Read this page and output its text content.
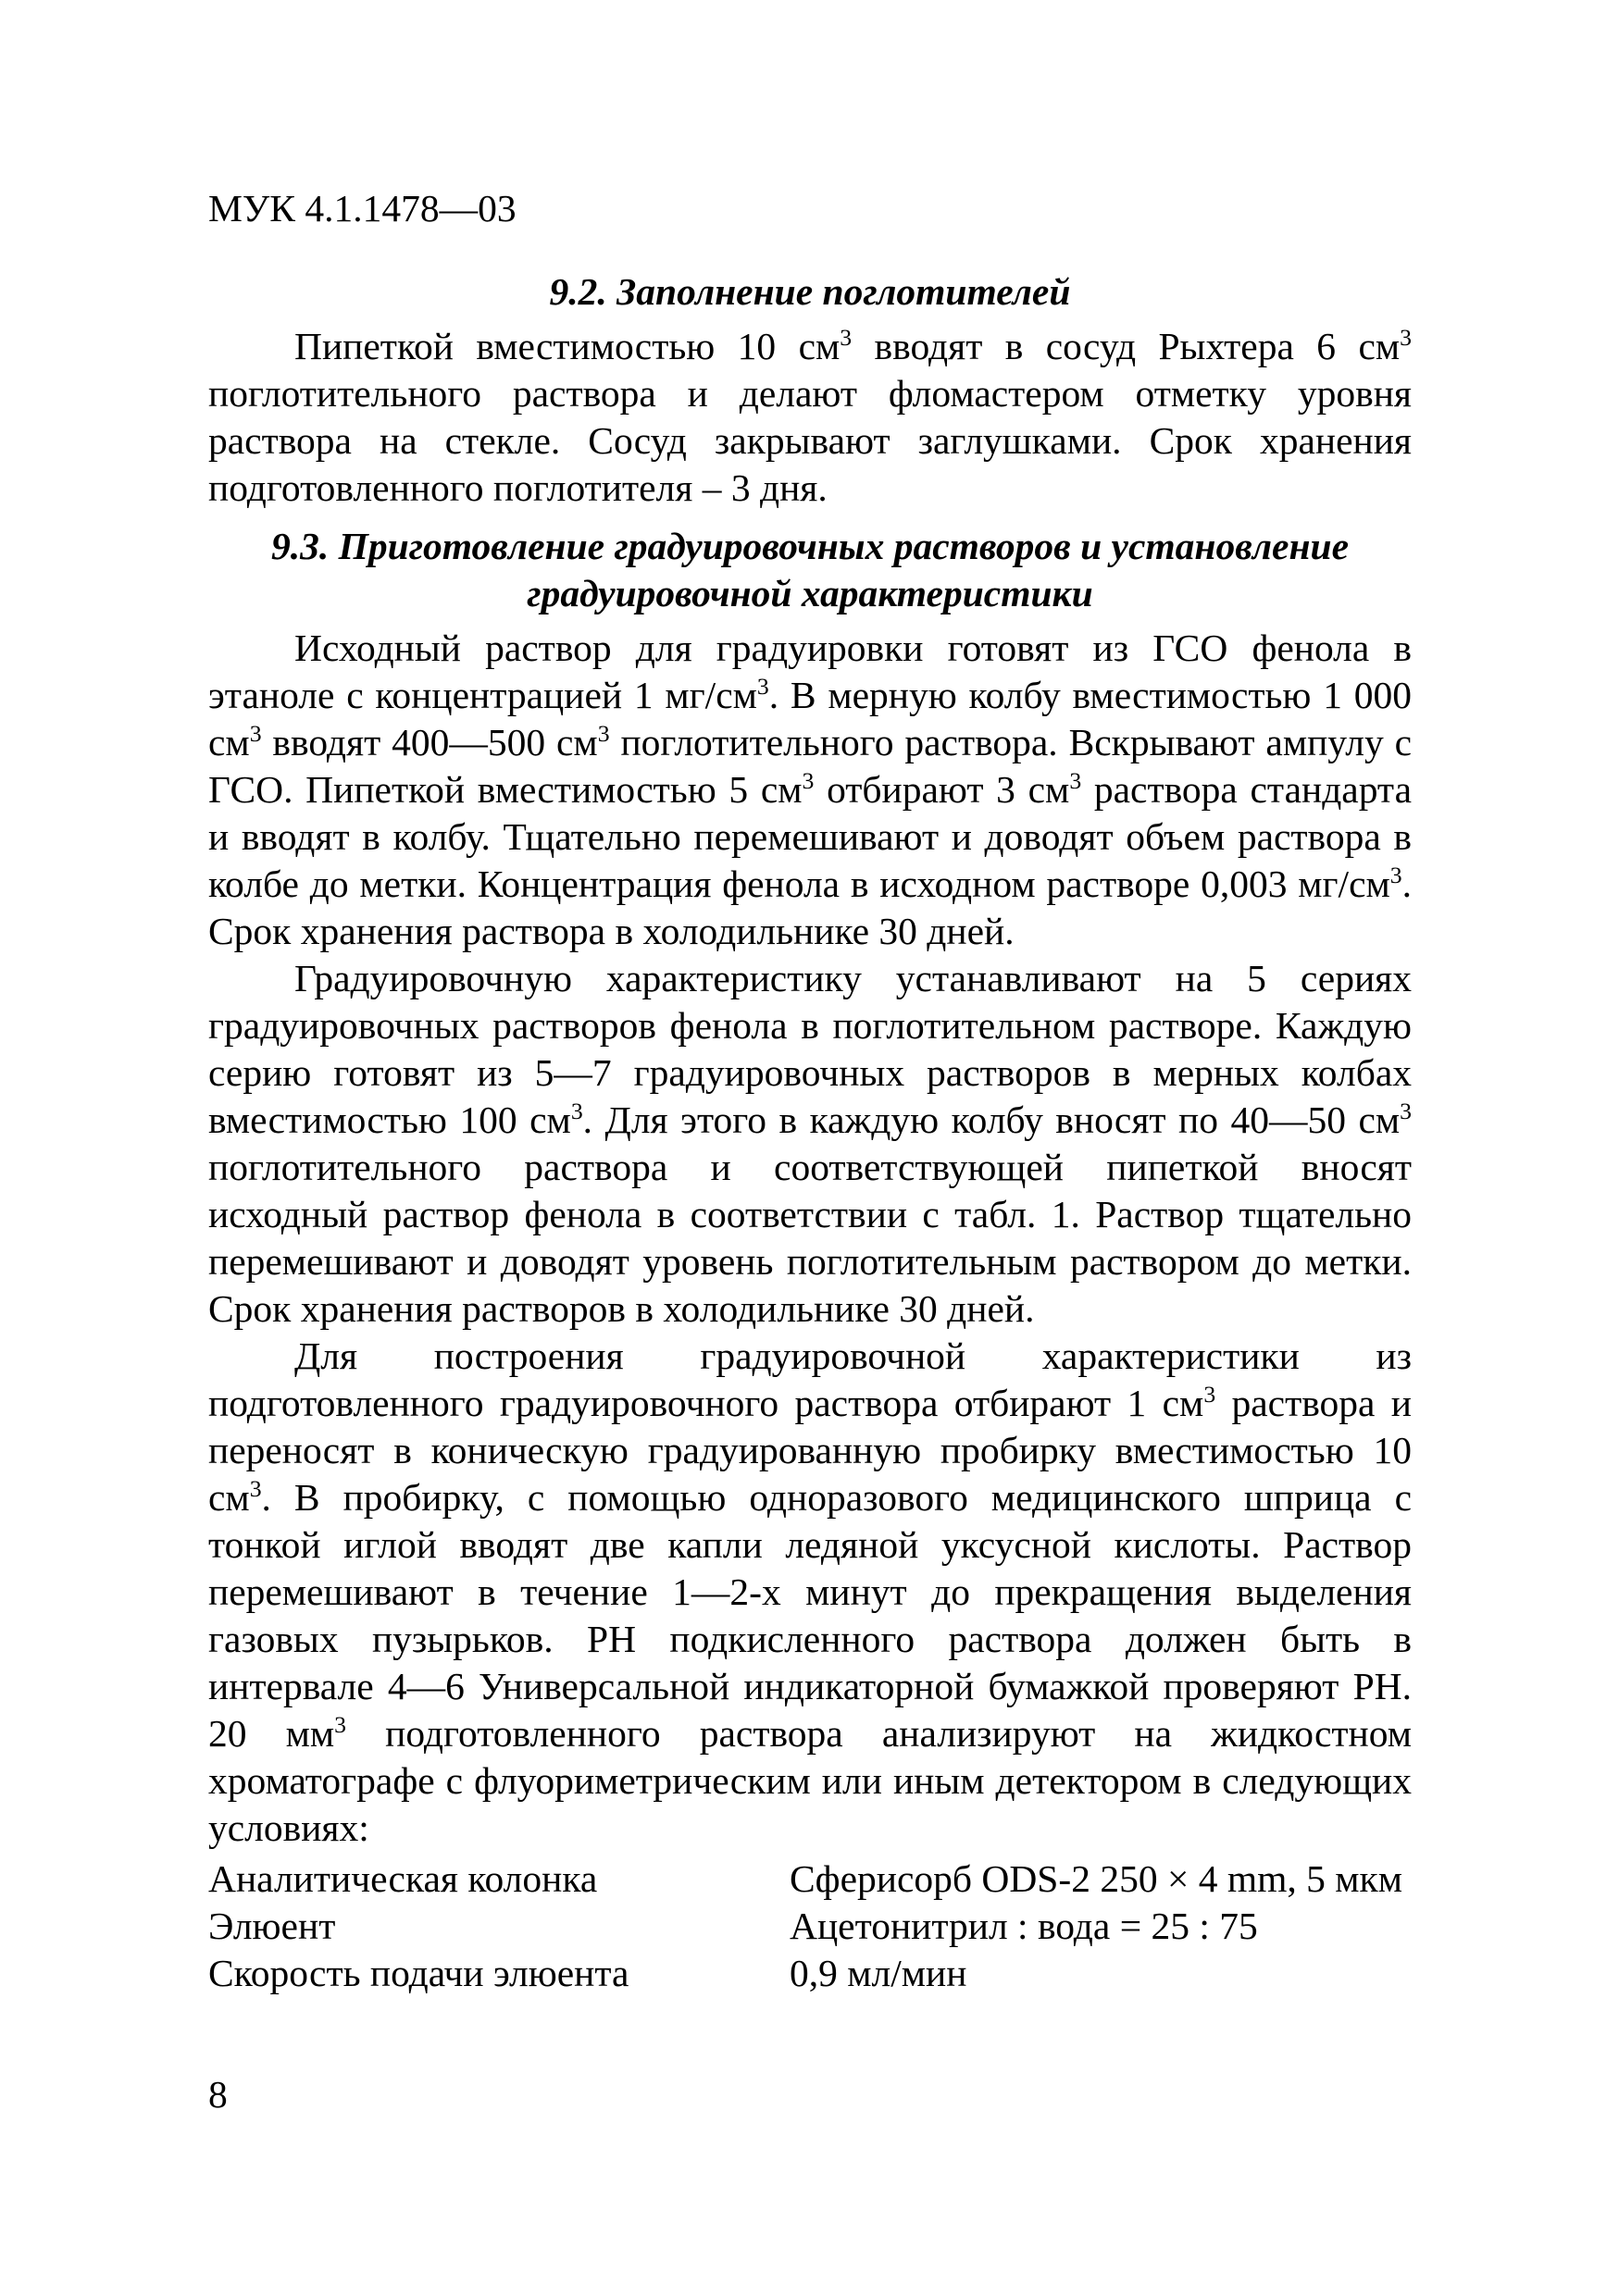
МУК 4.1.1478—03

9.2. Заполнение поглотителей

Пипеткой вместимостью 10 $см^3$ вводят в сосуд Рыхтера 6 $см^3$ поглотительного раствора и делают фломастером отметку уровня раствора на стекле. Сосуд закрывают заглушками. Срок хранения подготовленного поглотителя – 3 дня.

9.3. Приготовление градуировочных растворов и установление
градуировочной характеристики

Исходный раствор для градуировки готовят из ГСО фенола в этаноле с концентрацией 1 $мг/см^3$. В мерную колбу вместимостью 1 000 $см^3$ вводят 400—500 $см^3$ поглотительного раствора. Вскрывают ампулу с ГСО. Пипеткой вместимостью 5 $см^3$ отбирают 3 $см^3$ раствора стандарта и вводят в колбу. Тщательно перемешивают и доводят объем раствора в колбе до метки. Концентрация фенола в исходном растворе 0,003 $мг/см^3$. Срок хранения раствора в холодильнике 30 дней.

Градуировочную характеристику устанавливают на 5 сериях градуировочных растворов фенола в поглотительном растворе. Каждую серию готовят из 5—7 градуировочных растворов в мерных колбах вместимостью 100 $см^3$. Для этого в каждую колбу вносят по 40—50 $см^3$ поглотительного раствора и соответствующей пипеткой вносят исходный раствор фенола в соответствии с табл. 1. Раствор тщательно перемешивают и доводят уровень поглотительным раствором до метки. Срок хранения растворов в холодильнике 30 дней.

Для построения градуировочной характеристики из подготовленного градуировочного раствора отбирают 1 $см^3$ раствора и переносят в коническую градуированную пробирку вместимостью 10 $см^3$. В пробирку, с помощью одноразового медицинского шприца с тонкой иглой вводят две капли ледяной уксусной кислоты. Раствор перемешивают в течение 1—2-х минут до прекращения выделения газовых пузырьков. PH подкисленного раствора должен быть в интервале 4—6 Универсальной индикаторной бумажкой проверяют PH. 20 $мм^3$ подготовленного раствора анализируют на жидкостном хроматографе с флуориметрическим или иным детектором в следующих условиях:

Аналитическая колонка	Сферисорб ODS-2 250 × 4 mm, 5 мкм
Элюент	Ацетонитрил : вода = 25 : 75
Скорость подачи элюента	0,9 мл/мин
8
